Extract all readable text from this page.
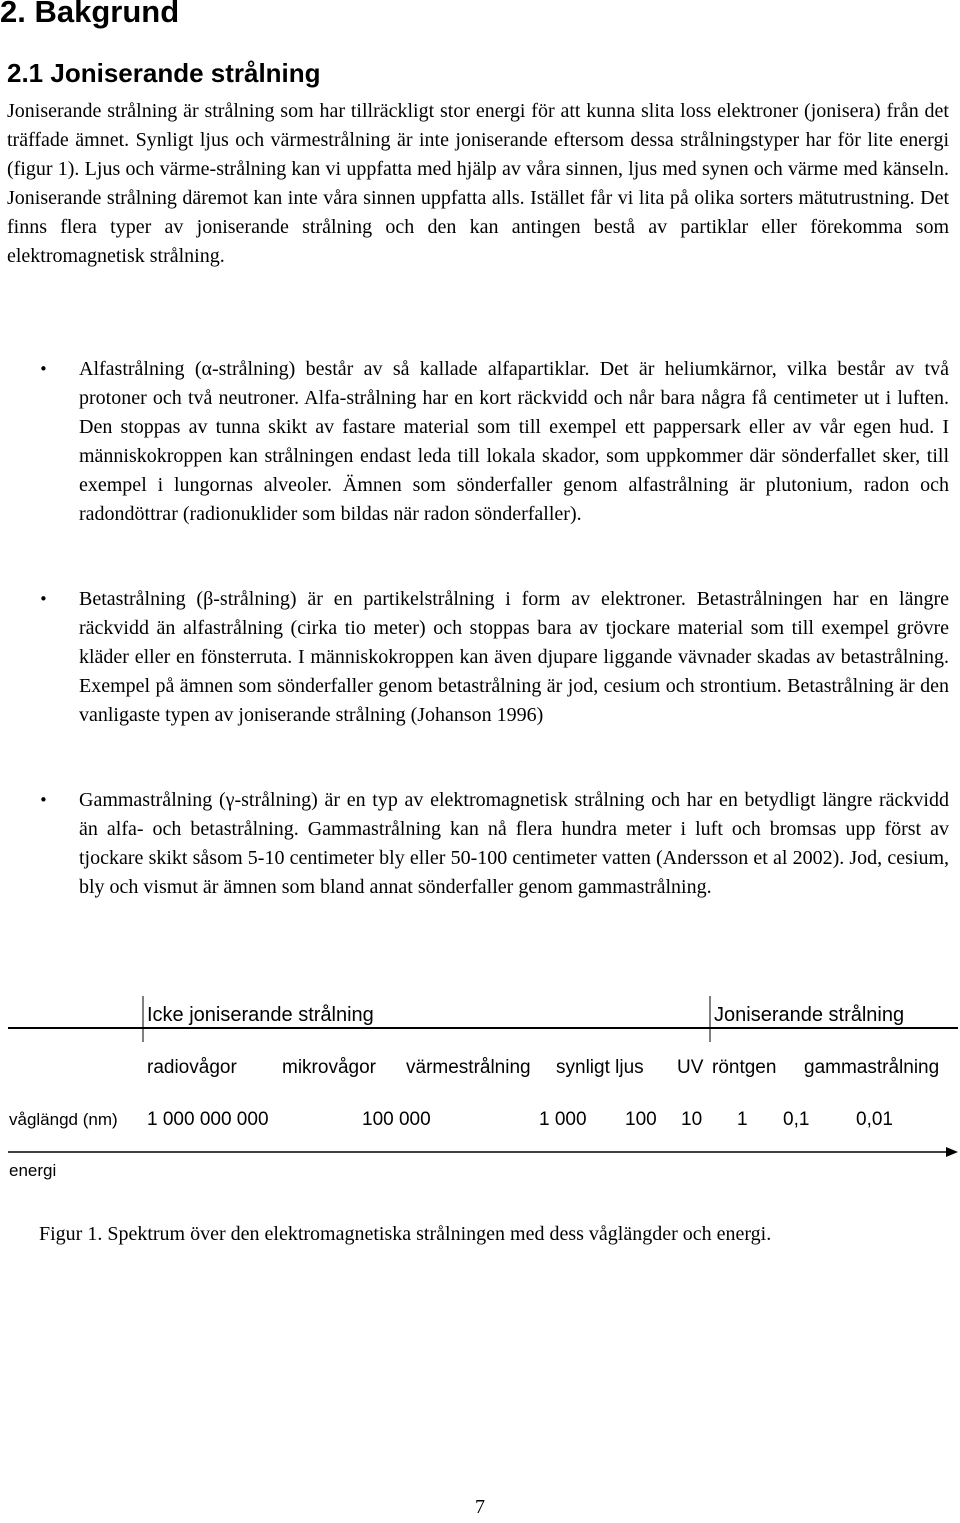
2. Bakgrund
2.1 Joniserande strålning

Joniserande strålning är strålning som har tillräckligt stor energi för att kunna slita loss elektroner (jonisera) från det träffade ämnet. Synligt ljus och värmestrålning är inte joniserande eftersom dessa strålningstyper har för lite energi (figur 1). Ljus och värme-strålning kan vi uppfatta med hjälp av våra sinnen, ljus med synen och värme med känseln. Joniserande strålning däremot kan inte våra sinnen uppfatta alls. Istället får vi lita på olika sorters mätutrustning. Det finns flera typer av joniserande strålning och den kan antingen bestå av partiklar eller förekomma som elektromagnetisk strålning.

• Alfastrålning (α-strålning) består av så kallade alfapartiklar. Det är heliumkärnor, vilka består av två protoner och två neutroner. Alfa-strålning har en kort räckvidd och når bara några få centimeter ut i luften. Den stoppas av tunna skikt av fastare material som till exempel ett pappersark eller av vår egen hud. I människokroppen kan strålningen endast leda till lokala skador, som uppkommer där sönderfallet sker, till exempel i lungornas alveoler. Ämnen som sönderfaller genom alfastrålning är plutonium, radon och radondöttrar (radionuklider som bildas när radon sönderfaller).

• Betastrålning (β-strålning) är en partikelstrålning i form av elektroner. Betastrålningen har en längre räckvidd än alfastrålning (cirka tio meter) och stoppas bara av tjockare material som till exempel grövre kläder eller en fönsterruta. I människokroppen kan även djupare liggande vävnader skadas av betastrålning. Exempel på ämnen som sönderfaller genom betastrålning är jod, cesium och strontium. Betastrålning är den vanligaste typen av joniserande strålning (Johanson 1996)

• Gammastrålning (γ-strålning) är en typ av elektromagnetisk strålning och har en betydligt längre räckvidd än alfa- och betastrålning. Gammastrålning kan nå flera hundra meter i luft och bromsas upp först av tjockare skikt såsom 5-10 centimeter bly eller 50-100 centimeter vatten (Andersson et al 2002). Jod, cesium, bly och vismut är ämnen som bland annat sönderfaller genom gammastrålning.

Icke joniserande strålning	Joniserande strålning
radiovågor mikrovågor värmestrålning synligt ljus UV röntgen gammastrålning
våglängd (nm) 1 000 000 000	100 000	1 000 100 10 1 0,1 0,01
energi

Figur 1. Spektrum över den elektromagnetiska strålningen med dess våglängder och energi.

7
